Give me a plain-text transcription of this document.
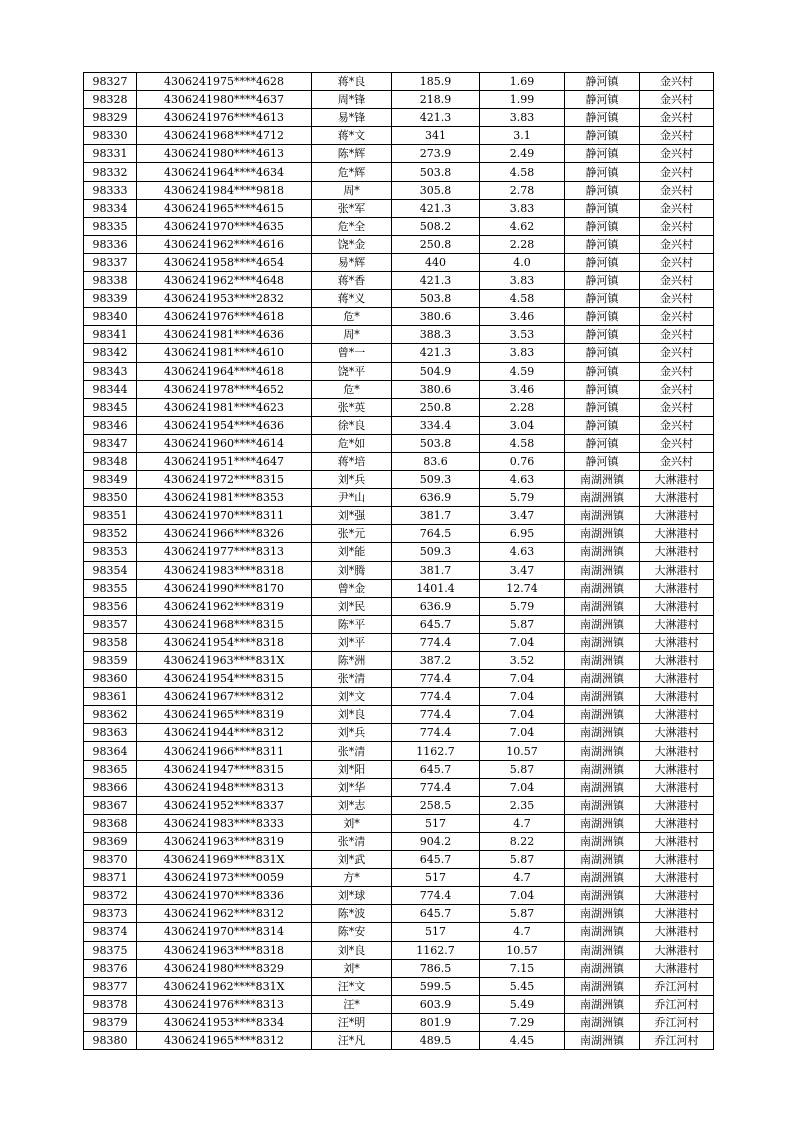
98327	4306241975****4628	蒋*良	185.9	1.69	静河镇	金兴村
98328	4306241980****4637	周*锋	218.9	1.99	静河镇	金兴村
98329	4306241976****4613	易*锋	421.3	3.83	静河镇	金兴村
98330	4306241968****4712	蒋*文	341	3.1	静河镇	金兴村
98331	4306241980****4613	陈*辉	273.9	2.49	静河镇	金兴村
98332	4306241964****4634	危*辉	503.8	4.58	静河镇	金兴村
98333	4306241984****9818	周*	305.8	2.78	静河镇	金兴村
98334	4306241965****4615	张*军	421.3	3.83	静河镇	金兴村
98335	4306241970****4635	危*全	508.2	4.62	静河镇	金兴村
98336	4306241962****4616	饶*金	250.8	2.28	静河镇	金兴村
98337	4306241958****4654	易*辉	440	4.0	静河镇	金兴村
98338	4306241962****4648	蒋*香	421.3	3.83	静河镇	金兴村
98339	4306241953****2832	蒋*义	503.8	4.58	静河镇	金兴村
98340	4306241976****4618	危*	380.6	3.46	静河镇	金兴村
98341	4306241981****4636	周*	388.3	3.53	静河镇	金兴村
98342	4306241981****4610	曾*一	421.3	3.83	静河镇	金兴村
98343	4306241964****4618	饶*平	504.9	4.59	静河镇	金兴村
98344	4306241978****4652	危*	380.6	3.46	静河镇	金兴村
98345	4306241981****4623	张*英	250.8	2.28	静河镇	金兴村
98346	4306241954****4636	徐*良	334.4	3.04	静河镇	金兴村
98347	4306241960****4614	危*如	503.8	4.58	静河镇	金兴村
98348	4306241951****4647	蒋*培	83.6	0.76	静河镇	金兴村
98349	4306241972****8315	刘*兵	509.3	4.63	南湖洲镇	大淋港村
98350	4306241981****8353	尹*山	636.9	5.79	南湖洲镇	大淋港村
98351	4306241970****8311	刘*强	381.7	3.47	南湖洲镇	大淋港村
98352	4306241966****8326	张*元	764.5	6.95	南湖洲镇	大淋港村
98353	4306241977****8313	刘*能	509.3	4.63	南湖洲镇	大淋港村
98354	4306241983****8318	刘*腾	381.7	3.47	南湖洲镇	大淋港村
98355	4306241990****8170	曾*金	1401.4	12.74	南湖洲镇	大淋港村
98356	4306241962****8319	刘*民	636.9	5.79	南湖洲镇	大淋港村
98357	4306241968****8315	陈*平	645.7	5.87	南湖洲镇	大淋港村
98358	4306241954****8318	刘*平	774.4	7.04	南湖洲镇	大淋港村
98359	4306241963****831X	陈*洲	387.2	3.52	南湖洲镇	大淋港村
98360	4306241954****8315	张*清	774.4	7.04	南湖洲镇	大淋港村
98361	4306241967****8312	刘*文	774.4	7.04	南湖洲镇	大淋港村
98362	4306241965****8319	刘*良	774.4	7.04	南湖洲镇	大淋港村
98363	4306241944****8312	刘*兵	774.4	7.04	南湖洲镇	大淋港村
98364	4306241966****8311	张*清	1162.7	10.57	南湖洲镇	大淋港村
98365	4306241947****8315	刘*阳	645.7	5.87	南湖洲镇	大淋港村
98366	4306241948****8313	刘*华	774.4	7.04	南湖洲镇	大淋港村
98367	4306241952****8337	刘*志	258.5	2.35	南湖洲镇	大淋港村
98368	4306241983****8333	刘*	517	4.7	南湖洲镇	大淋港村
98369	4306241963****8319	张*清	904.2	8.22	南湖洲镇	大淋港村
98370	4306241969****831X	刘*武	645.7	5.87	南湖洲镇	大淋港村
98371	4306241973****0059	方*	517	4.7	南湖洲镇	大淋港村
98372	4306241970****8336	刘*球	774.4	7.04	南湖洲镇	大淋港村
98373	4306241962****8312	陈*波	645.7	5.87	南湖洲镇	大淋港村
98374	4306241970****8314	陈*安	517	4.7	南湖洲镇	大淋港村
98375	4306241963****8318	刘*良	1162.7	10.57	南湖洲镇	大淋港村
98376	4306241980****8329	刘*	786.5	7.15	南湖洲镇	大淋港村
98377	4306241962****831X	汪*文	599.5	5.45	南湖洲镇	乔江河村
98378	4306241976****8313	汪*	603.9	5.49	南湖洲镇	乔江河村
98379	4306241953****8334	汪*明	801.9	7.29	南湖洲镇	乔江河村
98380	4306241965****8312	汪*凡	489.5	4.45	南湖洲镇	乔江河村
